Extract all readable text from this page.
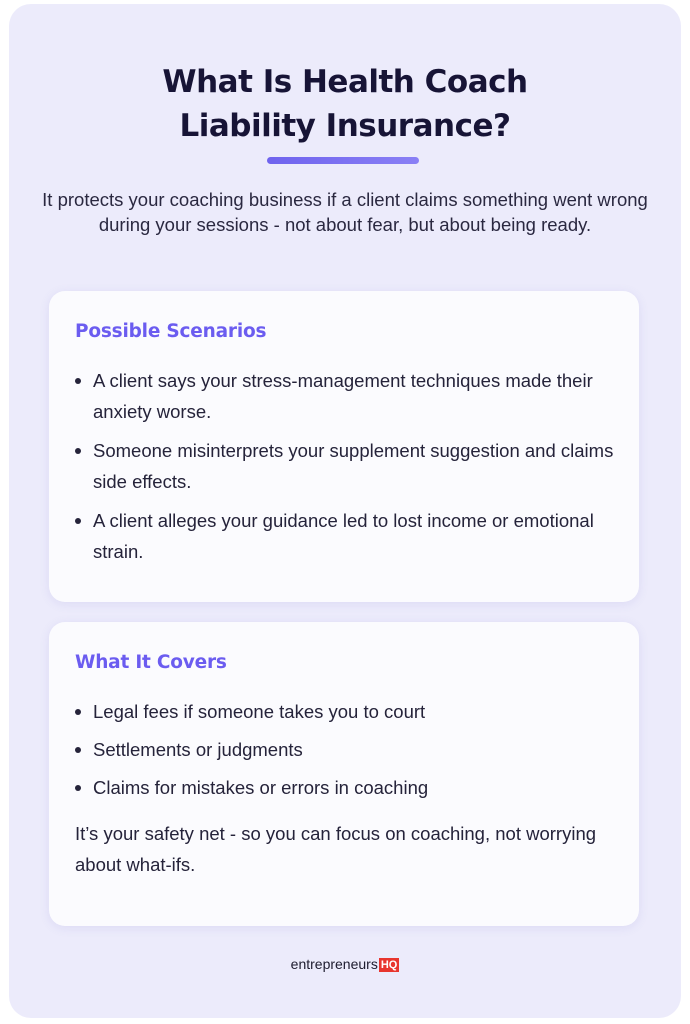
What Is Health Coach
Liability Insurance?
It protects your coaching business if a client claims something went wrong during your sessions - not about fear, but about being ready.
Possible Scenarios
A client says your stress-management techniques made their anxiety worse.
Someone misinterprets your supplement suggestion and claims side effects.
A client alleges your guidance led to lost income or emotional strain.
What It Covers
Legal fees if someone takes you to court
Settlements or judgments
Claims for mistakes or errors in coaching
It’s your safety net - so you can focus on coaching, not worrying about what-ifs.
entrepreneurs HQ
